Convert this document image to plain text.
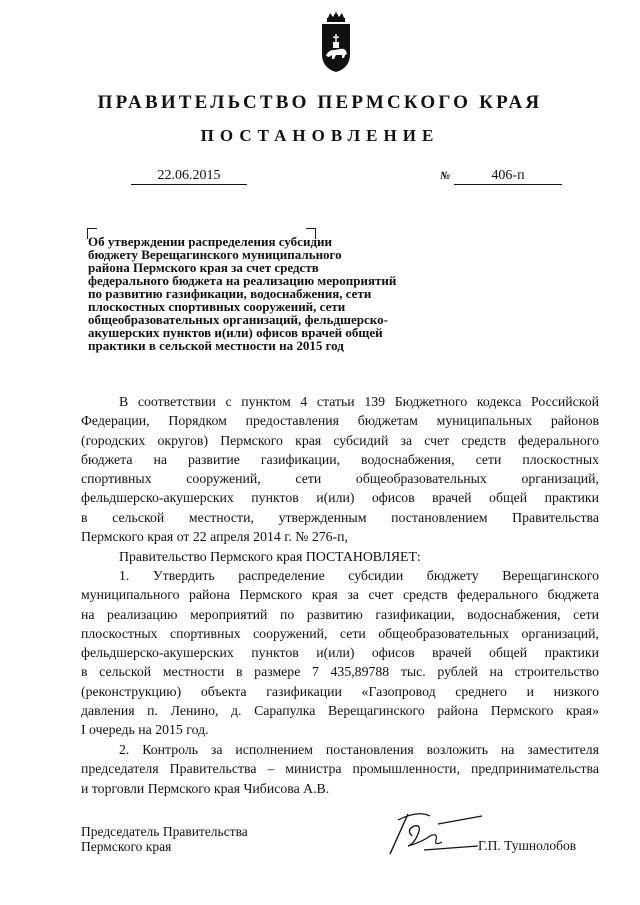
ПРАВИТЕЛЬСТВО ПЕРМСКОГО КРАЯ
ПОСТАНОВЛЕНИЕ
22.06.2015	№	406-п
Об утверждении распределения субсидии
бюджету Верещагинского муниципального
района Пермского края за счет средств
федерального бюджета на реализацию мероприятий
по развитию газификации, водоснабжения, сети
плоскостных спортивных сооружений, сети
общеобразовательных организаций, фельдшерско-
акушерских пунктов и(или) офисов врачей общей
практики в сельской местности на 2015 год
В соответствии с пунктом 4 статьи 139 Бюджетного кодекса Российской
Федерации, Порядком предоставления бюджетам муниципальных районов
(городских округов) Пермского края субсидий за счет средств федерального
бюджета на развитие газификации, водоснабжения, сети плоскостных
спортивных сооружений, сети общеобразовательных организаций,
фельдшерско-акушерских пунктов и(или) офисов врачей общей практики
в сельской местности, утвержденным постановлением Правительства
Пермского края от 22 апреля 2014 г. № 276-п,
Правительство Пермского края ПОСТАНОВЛЯЕТ:
1. Утвердить распределение субсидии бюджету Верещагинского
муниципального района Пермского края за счет средств федерального бюджета
на реализацию мероприятий по развитию газификации, водоснабжения, сети
плоскостных спортивных сооружений, сети общеобразовательных организаций,
фельдшерско-акушерских пунктов и(или) офисов врачей общей практики
в сельской местности в размере 7 435,89788 тыс. рублей на строительство
(реконструкцию) объекта газификации «Газопровод среднего и низкого
давления п. Ленино, д. Сарапулка Верещагинского района Пермского края»
I очередь на 2015 год.
2. Контроль за исполнением постановления возложить на заместителя
председателя Правительства – министра промышленности, предпринимательства
и торговли Пермского края Чибисова А.В.
Председатель Правительства
Пермского края	Г.П. Тушнолобов
